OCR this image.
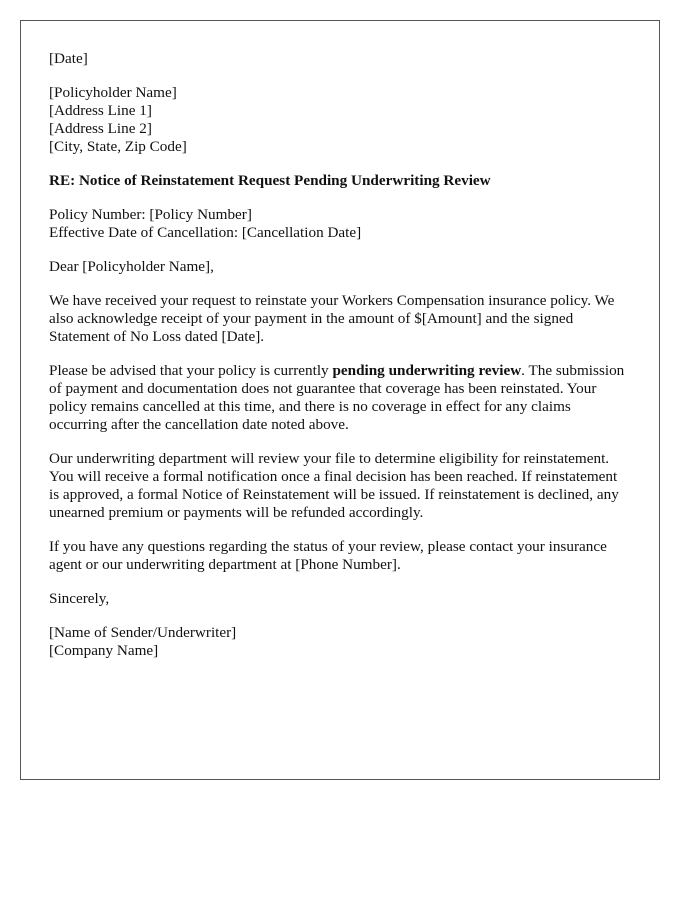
[Date]
[Policyholder Name]
[Address Line 1]
[Address Line 2]
[City, State, Zip Code]
RE: Notice of Reinstatement Request Pending Underwriting Review
Policy Number: [Policy Number]
Effective Date of Cancellation: [Cancellation Date]
Dear [Policyholder Name],

We have received your request to reinstate your Workers Compensation insurance policy. We also acknowledge receipt of your payment in the amount of $[Amount] and the signed Statement of No Loss dated [Date].

Please be advised that your policy is currently pending underwriting review. The submission of payment and documentation does not guarantee that coverage has been reinstated. Your policy remains cancelled at this time, and there is no coverage in effect for any claims occurring after the cancellation date noted above.

Our underwriting department will review your file to determine eligibility for reinstatement. You will receive a formal notification once a final decision has been reached. If reinstatement is approved, a formal Notice of Reinstatement will be issued. If reinstatement is declined, any unearned premium or payments will be refunded accordingly.

If you have any questions regarding the status of your review, please contact your insurance agent or our underwriting department at [Phone Number].

Sincerely,
[Name of Sender/Underwriter]
[Company Name]
